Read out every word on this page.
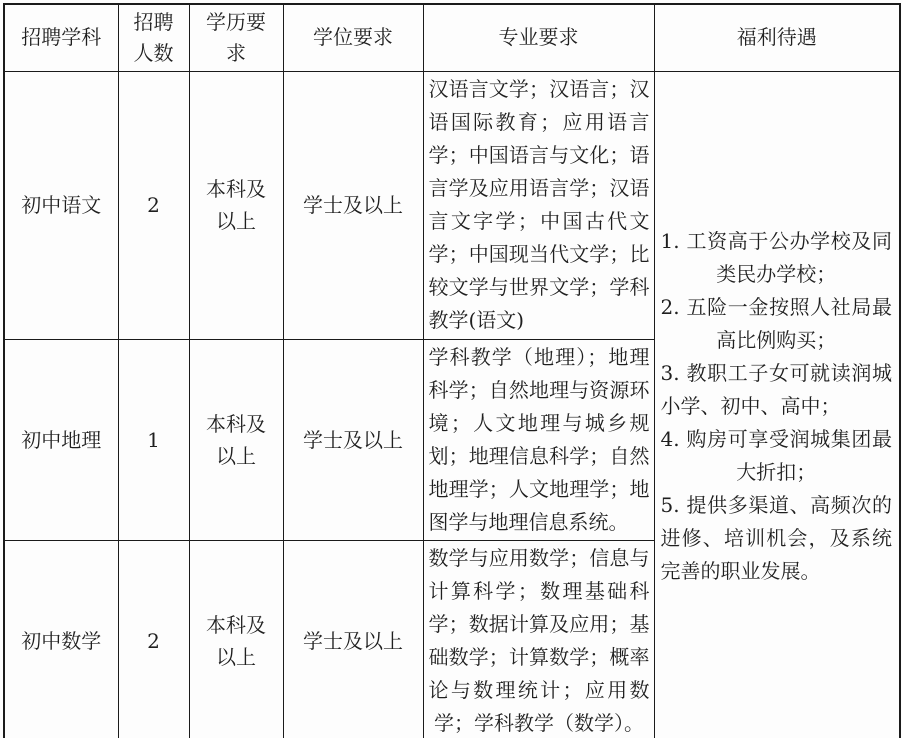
招聘学科	招聘人数	学历要求	学位要求	专业要求	福利待遇
初中语文	2	本科及以上	学士及以上	汉语言文学；汉语言；汉语国际教育；应用语言学；中国语言与文化；语言学及应用语言学；汉语言文字学；中国古代文学；中国现当代文学；比较文学与世界文学；学科教学(语文)	1. 工资高于公办学校及同类民办学校；

2. 五险一金按照人社局最高比例购买；

3. 教职工子女可就读润城小学、初中、高中；

4. 购房可享受润城集团最大折扣；

5. 提供多渠道、高频次的进修、培训机会，及系统完善的职业发展。

初中地理	1	本科及以上	学士及以上	学科教学（地理）；地理科学；自然地理与资源环境；人文地理与城乡规划；地理信息科学；自然地理学；人文地理学；地图学与地理信息系统。	
初中数学	2	本科及以上	学士及以上	数学与应用数学；信息与计算科学；数理基础科学；数据计算及应用；基础数学；计算数学；概率论与数理统计；应用数学；学科教学（数学）。	
